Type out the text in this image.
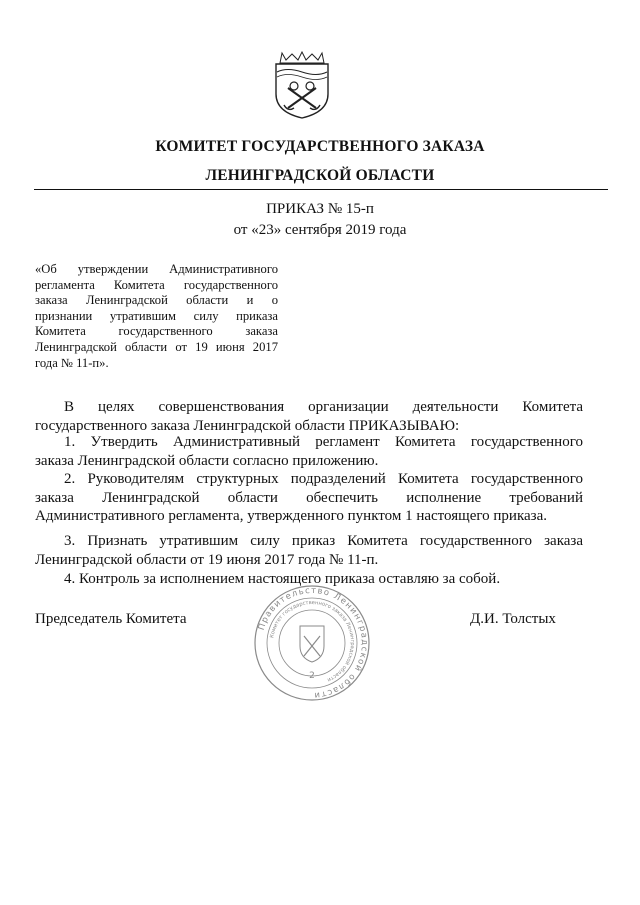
КОМИТЕТ ГОСУДАРСТВЕННОГО ЗАКАЗА
ЛЕНИНГРАДСКОЙ ОБЛАСТИ
ПРИКАЗ № 15-п
от «23» сентября 2019 года
«Об утверждении Административного
регламента Комитета государственного
заказа Ленинградской области и о
признании утратившим силу приказа
Комитета государственного заказа
Ленинградской области от 19 июня 2017
года № 11-п».
В целях совершенствования организации деятельности Комитета
государственного заказа Ленинградской области ПРИКАЗЫВАЮ:
1. Утвердить Административный регламент Комитета государственного
заказа Ленинградской области согласно приложению.
2. Руководителям структурных подразделений Комитета государственного
заказа Ленинградской области обеспечить исполнение требований
Административного регламента, утвержденного пунктом 1 настоящего приказа.
3. Признать утратившим силу приказ Комитета государственного заказа
Ленинградской области от 19 июня 2017 года № 11-п.
4. Контроль за исполнением настоящего приказа оставляю за собой.
Председатель Комитета	Д.И. Толстых
Правительство Ленинградской области
Комитет государственного заказа Ленинградской области
2
